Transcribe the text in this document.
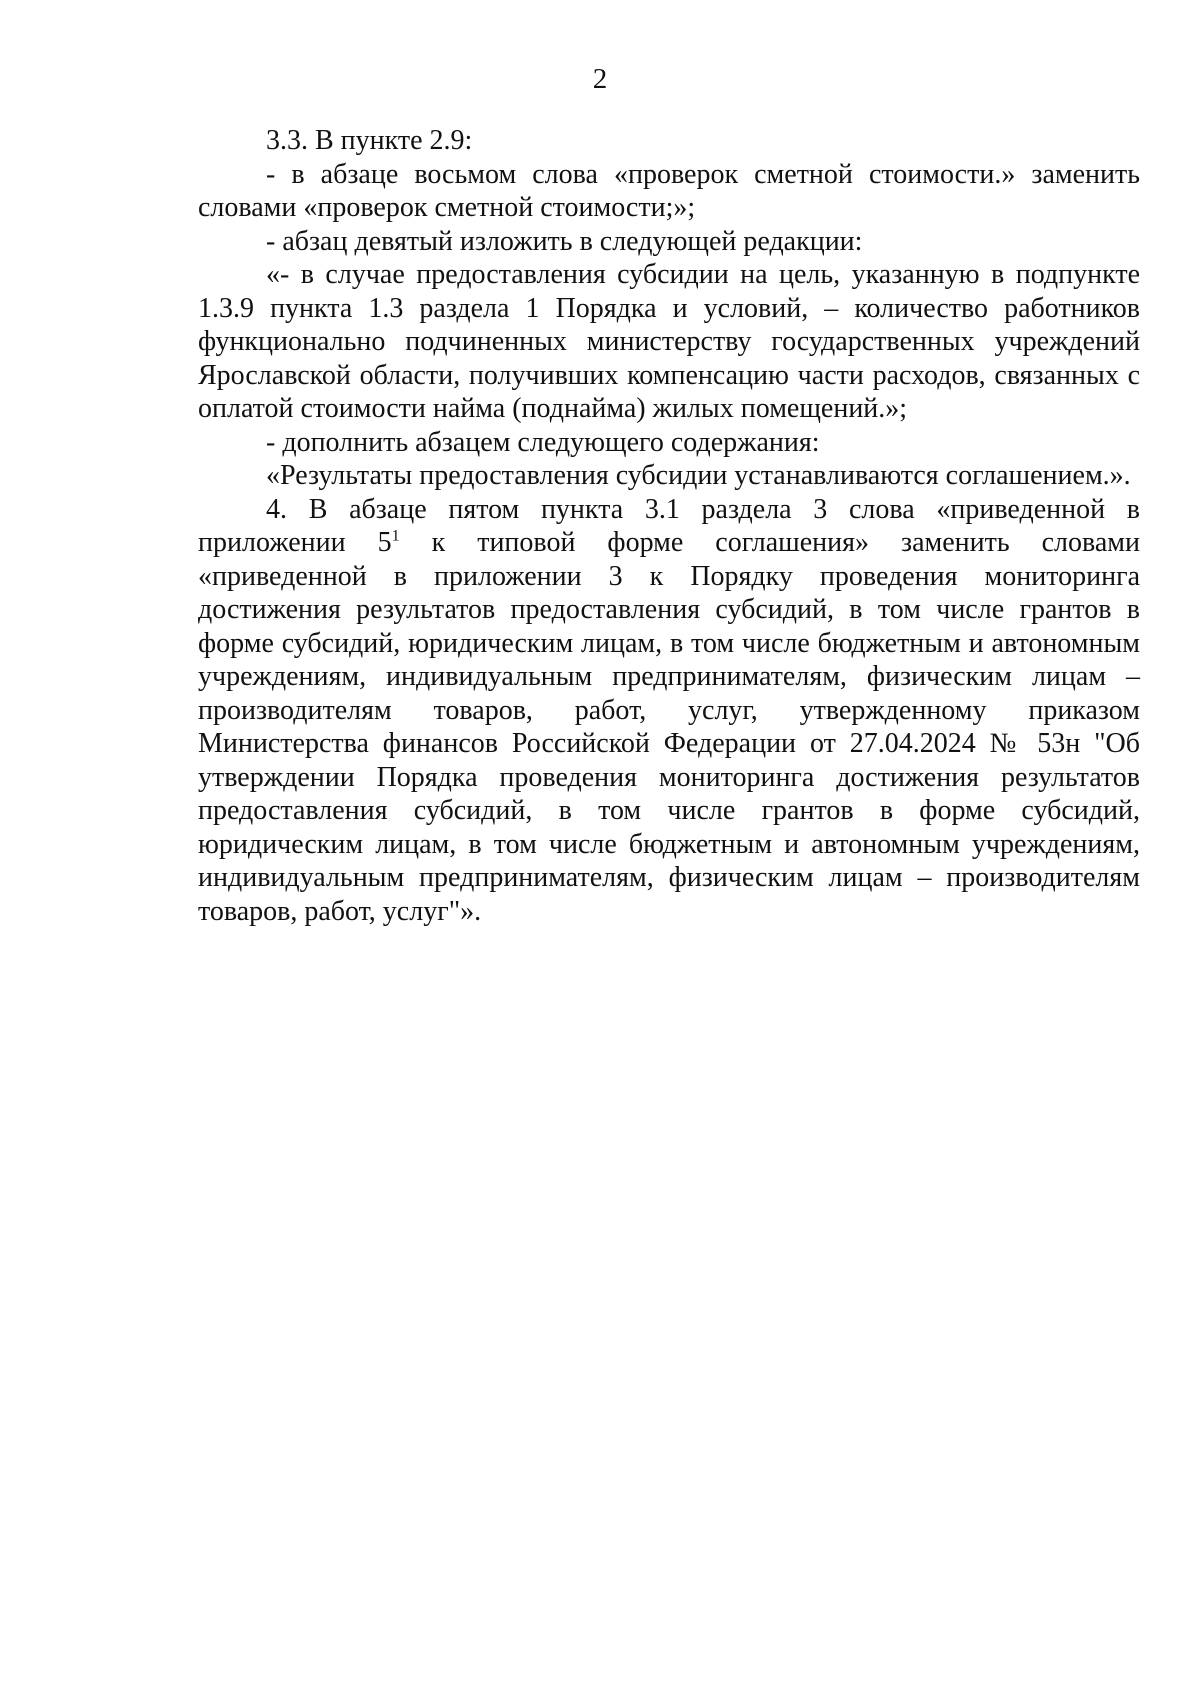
2

3.3. В пункте 2.9:

- в абзаце восьмом слова «проверок сметной стоимости.» заменить словами «проверок сметной стоимости;»;

- абзац девятый изложить в следующей редакции:

«- в случае предоставления субсидии на цель, указанную в подпункте 1.3.9 пункта 1.3 раздела 1 Порядка и условий, – количество работников функционально подчиненных министерству государственных учреждений Ярославской области, получивших компенсацию части расходов, связанных с оплатой стоимости найма (поднайма) жилых помещений.»;

- дополнить абзацем следующего содержания:

«Результаты предоставления субсидии устанавливаются соглашением.».

4. В абзаце пятом пункта 3.1 раздела 3 слова «приведенной в приложении $5^1$ к типовой форме соглашения» заменить словами «приведенной в приложении 3 к Порядку проведения мониторинга достижения результатов предоставления субсидий, в том числе грантов в форме субсидий, юридическим лицам, в том числе бюджетным и автономным учреждениям, индивидуальным предпринимателям, физическим лицам – производителям товаров, работ, услуг, утвержденному приказом Министерства финансов Российской Федерации от 27.04.2024 № 53н "Об утверждении Порядка проведения мониторинга достижения результатов предоставления субсидий, в том числе грантов в форме субсидий, юридическим лицам, в том числе бюджетным и автономным учреждениям, индивидуальным предпринимателям, физическим лицам – производителям товаров, работ, услуг"».
